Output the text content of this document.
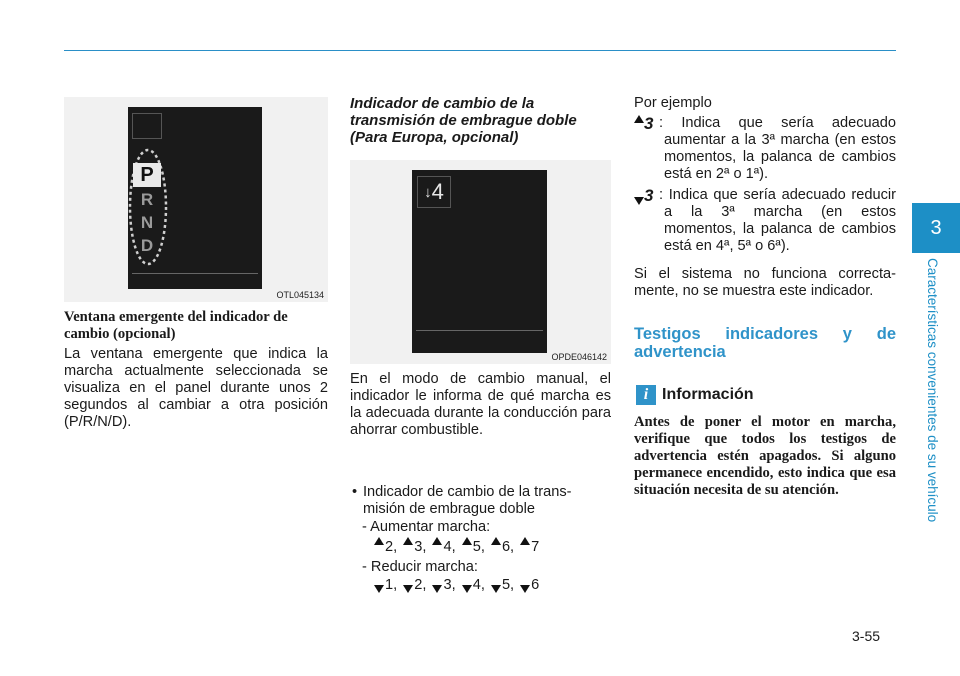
3
Características convenientes de su vehículo
P
R
N
D
OTL045134
Ventana emergente del indicador de cambio (opcional)
La ventana emergente que indica la marcha actualmente seleccionada se visualiza en el panel durante unos 2 segundos al cambiar a otra posición (P/R/N/D).
Indicador de cambio de la transmisión de embrague doble (Para Europa, opcional)
↓ 4
OPDE046142
En el modo de cambio manual, el indicador le informa de qué marcha es la adecuada durante la conducción para ahorrar combustible.
• Indicador de cambio de la trans-misión de embrague doble
- Aumentar marcha:
2, 3, 4, 5, 6, 7
- Reducir marcha:
1, 2, 3, 4, 5, 6
Por ejemplo
3 : Indica que sería adecuado aumentar a la 3ª marcha (en estos momentos, la palanca de cambios está en 2ª o 1ª).
3 : Indica que sería adecuado reducir a la 3ª marcha (en estos momentos, la palanca de cambios está en 4ª, 5ª o 6ª).
Si el sistema no funciona correcta-mente, no se muestra este indicador.
Testigos indicadores y de advertencia
i Información
Antes de poner el motor en marcha, verifique que todos los testigos de advertencia estén apagados. Si alguno permanece encendido, esto indica que esa situación necesita de su atención.
3-55
